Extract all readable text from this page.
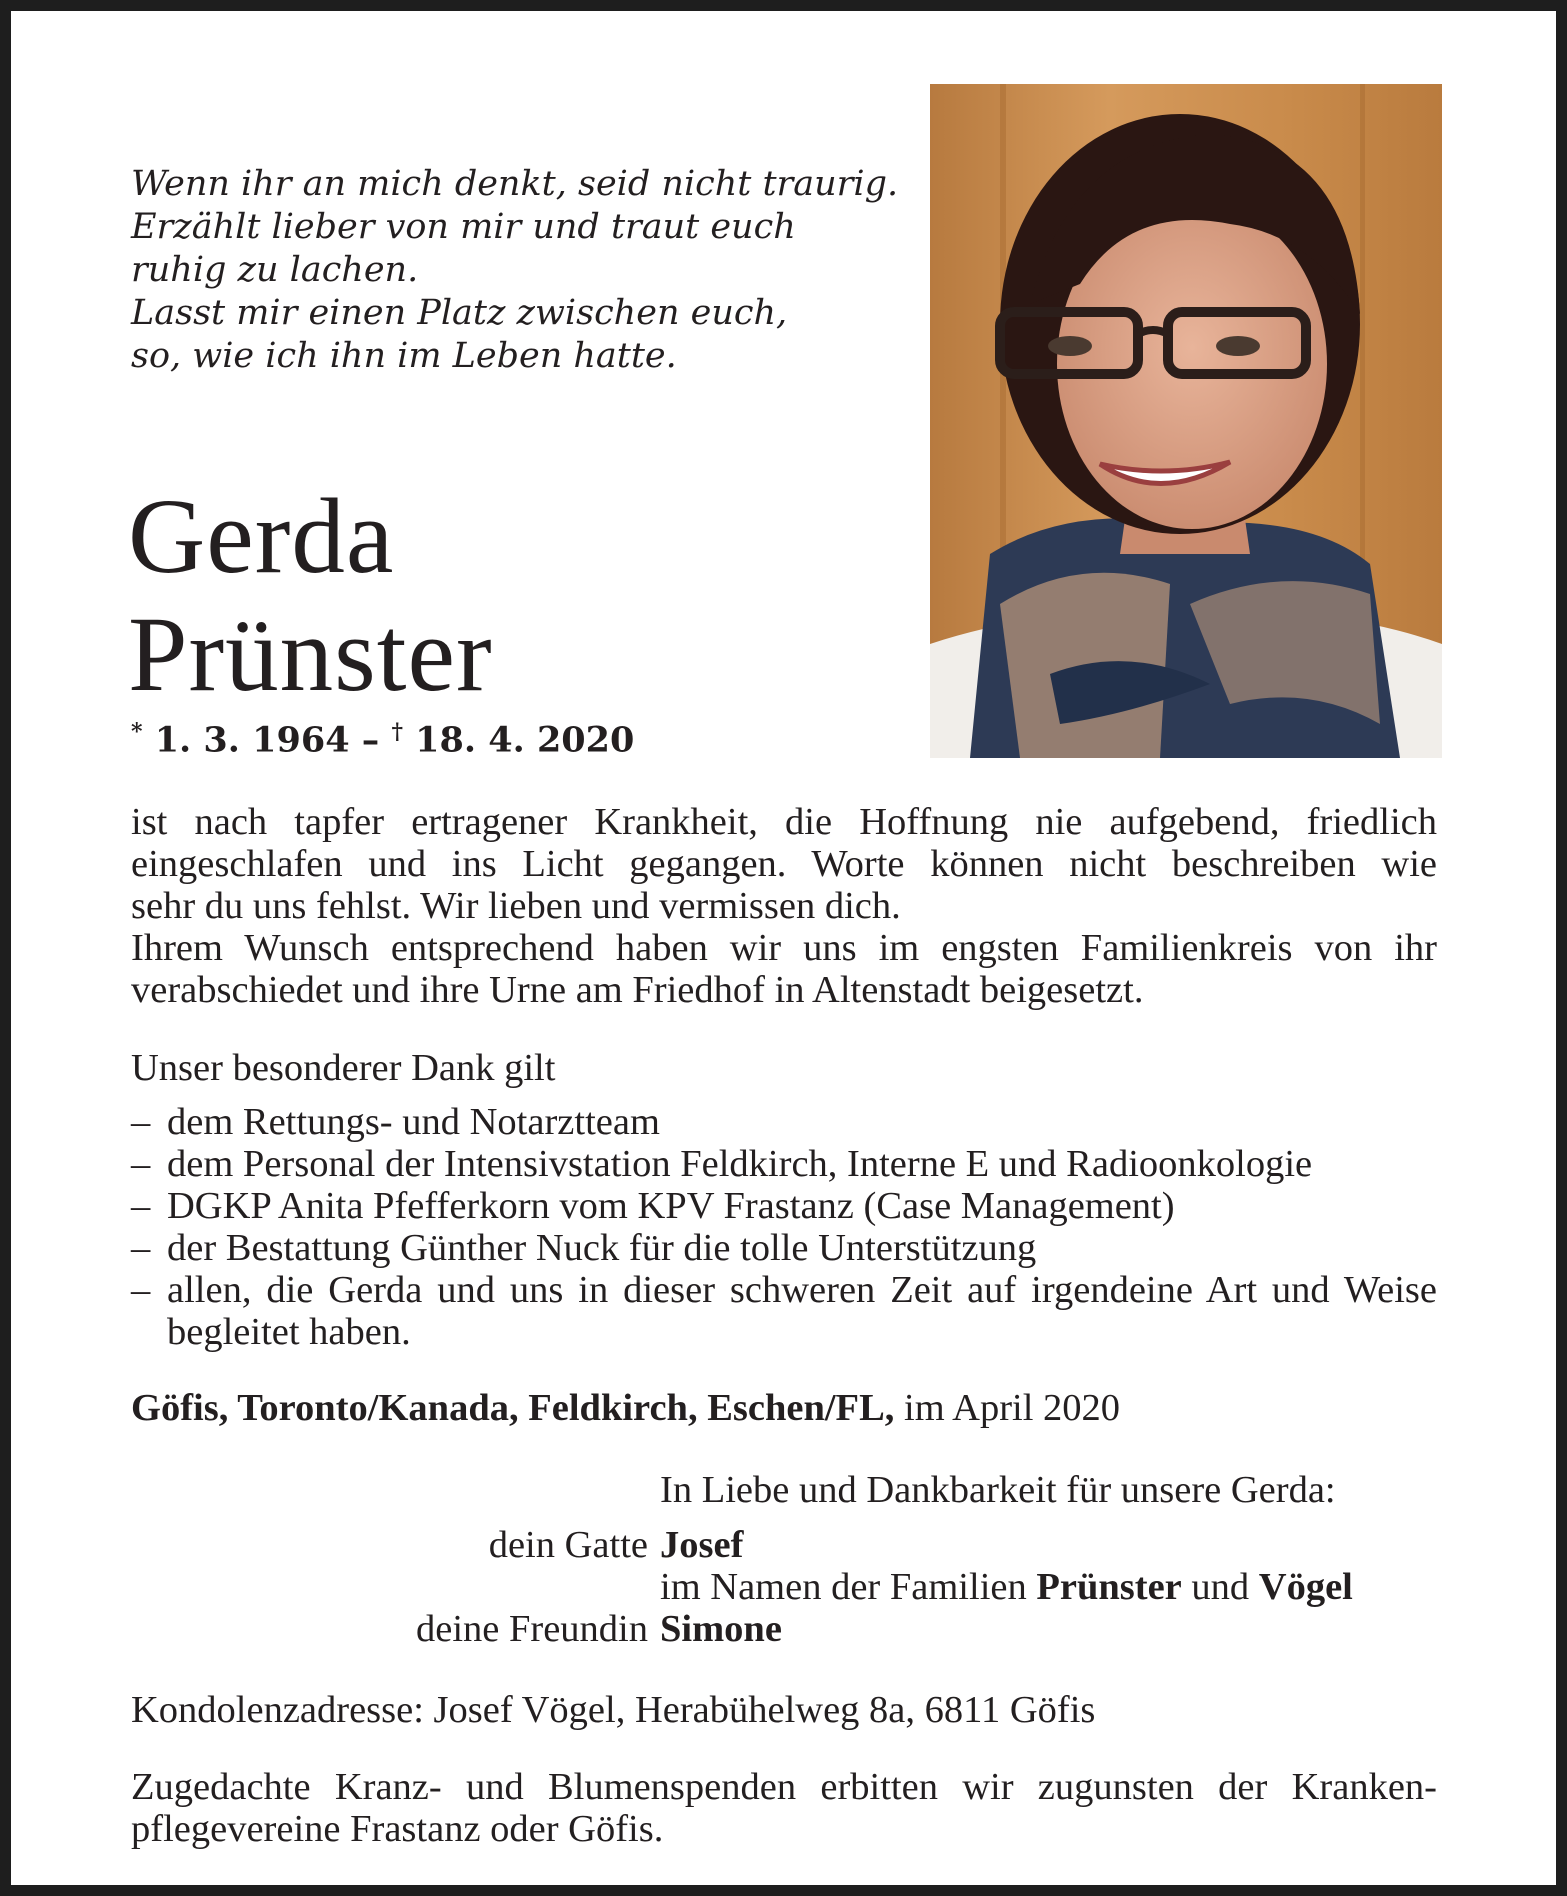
Wenn ihr an mich denkt, seid nicht traurig.
Erzählt lieber von mir und traut euch
ruhig zu lachen.
Lasst mir einen Platz zwischen euch,
so, wie ich ihn im Leben hatte.
Gerda
Prünster
* 1. 3. 1964 – † 18. 4. 2020
ist nach tapfer ertragener Krankheit, die Hoffnung nie aufgebend, friedlich
eingeschlafen und ins Licht gegangen. Worte können nicht beschreiben wie
sehr du uns fehlst. Wir lieben und vermissen dich.
Ihrem Wunsch entsprechend haben wir uns im engsten Familienkreis von ihr
verabschiedet und ihre Urne am Friedhof in Altenstadt beigesetzt.
Unser besonderer Dank gilt
– dem Rettungs- und Notarztteam
– dem Personal der Intensivstation Feldkirch, Interne E und Radioonkologie
– DGKP Anita Pfefferkorn vom KPV Frastanz (Case Management)
– der Bestattung Günther Nuck für die tolle Unterstützung
– allen, die Gerda und uns in dieser schweren Zeit auf irgendeine Art und Weise begleitet haben.
Göfis, Toronto/Kanada, Feldkirch, Eschen/FL, im April 2020
In Liebe und Dankbarkeit für unsere Gerda:
dein Gatte Josef
im Namen der Familien Prünster und Vögel
deine Freundin Simone
Kondolenzadresse: Josef Vögel, Herabühelweg 8a, 6811 Göfis
Zugedachte Kranz- und Blumenspenden erbitten wir zugunsten der Kranken-
pflegevereine Frastanz oder Göfis.
